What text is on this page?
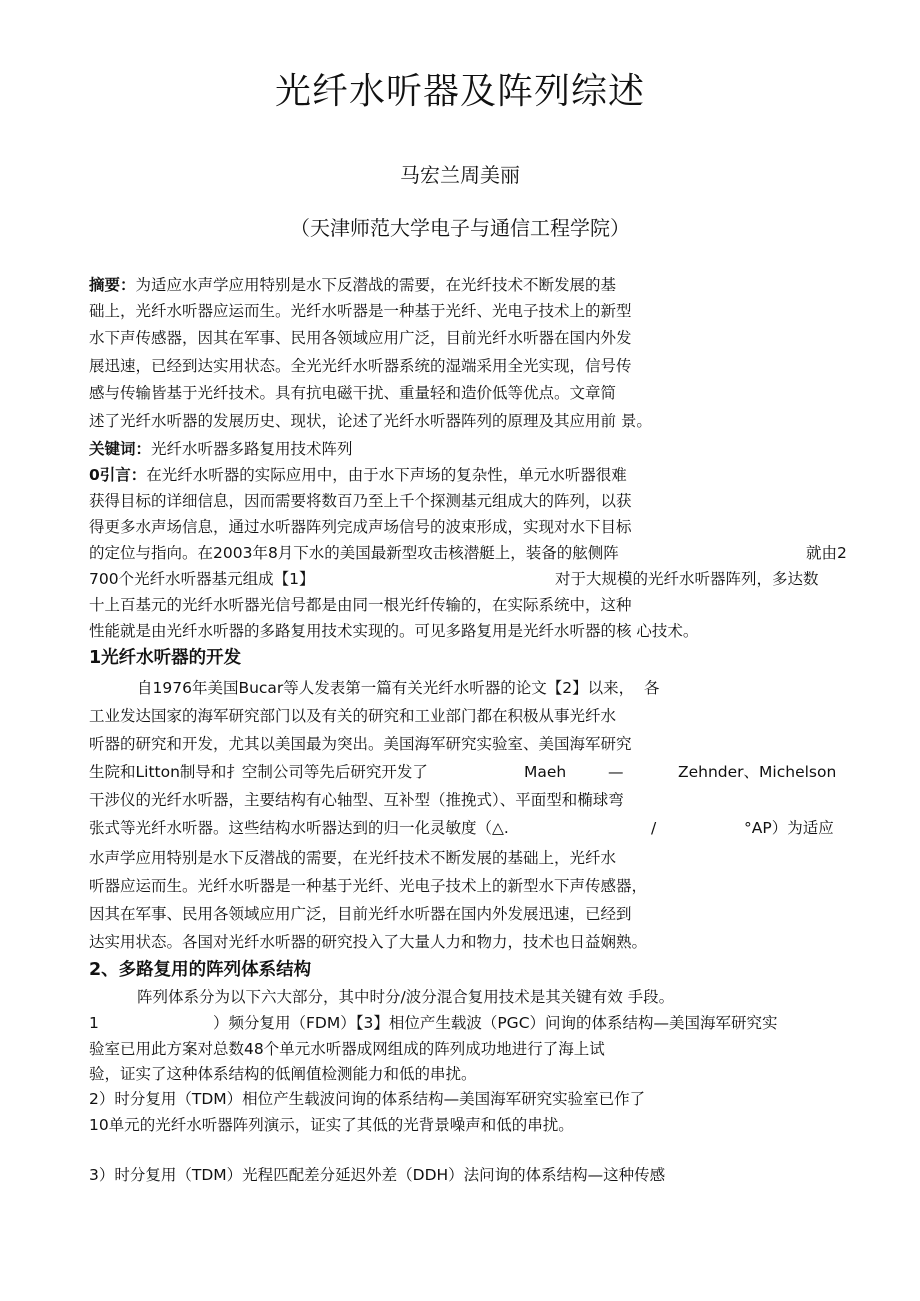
光纤水听器及阵列综述
马宏兰周美丽
（天津师范大学电子与通信工程学院）
摘要：为适应水声学应用特别是水下反潜战的需要，在光纤技术不断发展的基
础上，光纤水听器应运而生。光纤水听器是一种基于光纤、光电子技术上的新型
水下声传感器，因其在军事、民用各领域应用广泛，目前光纤水听器在国内外发
展迅速，已经到达实用状态。全光光纤水听器系统的湿端采用全光实现，信号传
感与传输皆基于光纤技术。具有抗电磁干扰、重量轻和造价低等优点。文章简
述了光纤水听器的发展历史、现状，论述了光纤水听器阵列的原理及其应用前 景。
关键词：光纤水听器多路复用技术阵列
0引言：在光纤水听器的实际应用中，由于水下声场的复杂性，单元水听器很难
获得目标的详细信息，因而需要将数百乃至上千个探测基元组成大的阵列，以获
得更多水声场信息，通过水听器阵列完成声场信号的波束形成，实现对水下目标
的定位与指向。在2003年8月下水的美国最新型攻击核潜艇上，装备的舷侧阵	就由2
700个光纤水听器基元组成【1】	对于大规模的光纤水听器阵列，多达数
十上百基元的光纤水听器光信号都是由同一根光纤传输的，在实际系统中，这种
性能就是由光纤水听器的多路复用技术实现的。可见多路复用是光纤水听器的核 心技术。
1光纤水听器的开发
自1976年美国Bucar等人发表第一篇有关光纤水听器的论文【2】以来，  各
工业发达国家的海军研究部门以及有关的研究和工业部门都在积极从事光纤水
听器的研究和开发，尤其以美国最为突出。美国海军研究实验室、美国海军研究
生院和Litton制导和扌空制公司等先后研究开发了	Maeh	—	Zehnder、Michelson
干涉仪的光纤水听器，主要结构有心轴型、互补型（推挽式）、平面型和椭球弯
张式等光纤水听器。这些结构水听器达到的归一化灵敏度（△.	/	°AP）为适应
水声学应用特别是水下反潜战的需要，在光纤技术不断发展的基础上，光纤水
听器应运而生。光纤水听器是一种基于光纤、光电子技术上的新型水下声传感器，
因其在军事、民用各领域应用广泛，目前光纤水听器在国内外发展迅速，已经到
达实用状态。各国对光纤水听器的研究投入了大量人力和物力，技术也日益娴熟。
2、多路复用的阵列体系结构
阵列体系分为以下六大部分，其中时分/波分混合复用技术是其关键有效 手段。
1	）频分复用（FDM）【3】相位产生载波（PGC）问询的体系结构—美国海军研究实
验室已用此方案对总数48个单元水听器成网组成的阵列成功地进行了海上试
验，证实了这种体系结构的低阐值检测能力和低的串扰。
2）时分复用（TDM）相位产生载波问询的体系结构—美国海军研究实验室已作了
10单元的光纤水听器阵列演示，证实了其低的光背景噪声和低的串扰。
3）时分复用（TDM）光程匹配差分延迟外差（DDH）法问询的体系结构—这种传感
